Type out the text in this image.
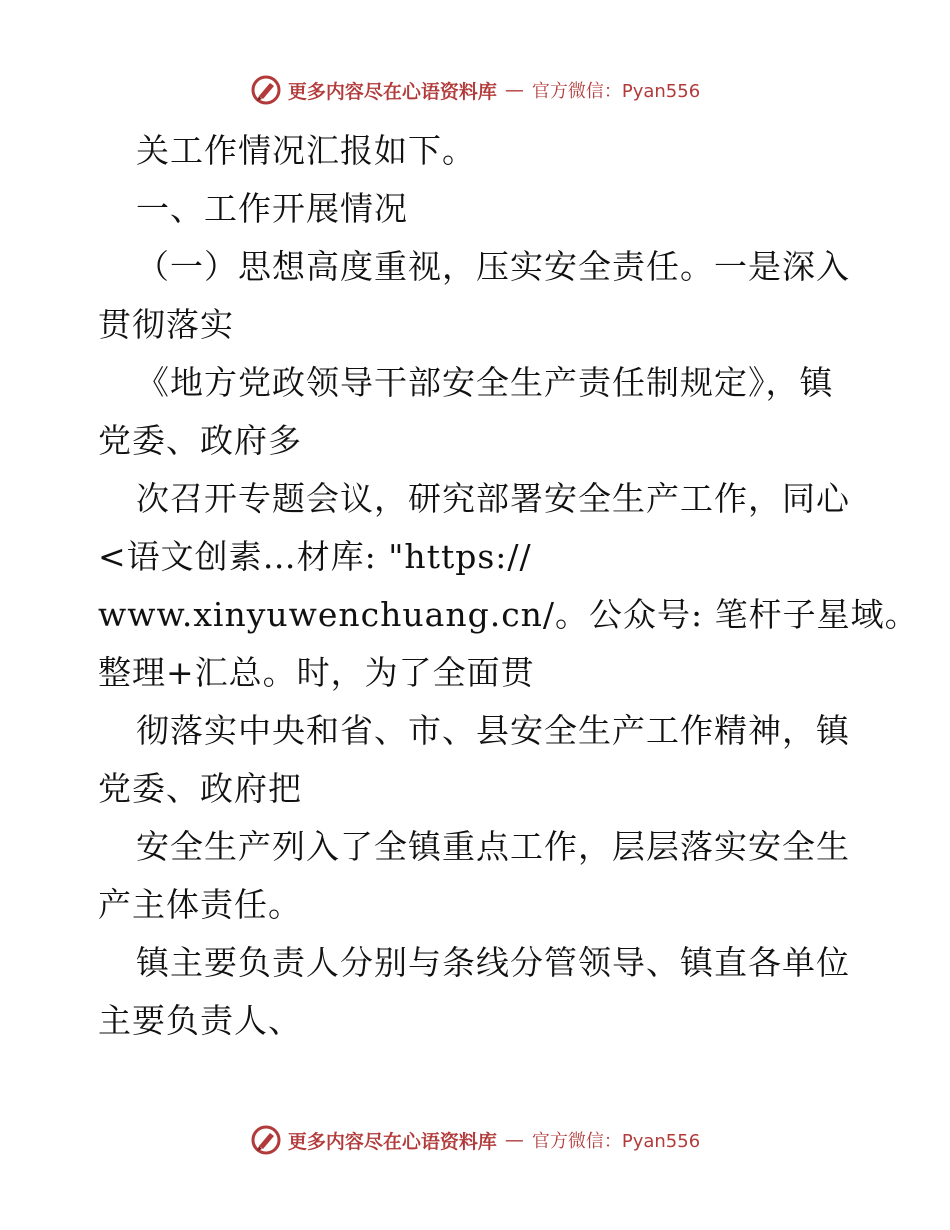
更多内容尽在心语资料库 — 官方微信：Pyan556
关工作情况汇报如下。
一、工作开展情况
（一）思想高度重视，压实安全责任。一是深入
贯彻落实
《地方党政领导干部安全生产责任制规定》，镇
党委、政府多
次召开专题会议，研究部署安全生产工作，同心
<语文创素…材库: "https://
www.xinyuwenchuang.cn/。公众号: 笔杆子星域。
整理+汇总。时，为了全面贯
彻落实中央和省、市、县安全生产工作精神，镇
党委、政府把
安全生产列入了全镇重点工作，层层落实安全生
产主体责任。
镇主要负责人分别与条线分管领导、镇直各单位
主要负责人、
更多内容尽在心语资料库 — 官方微信：Pyan556
